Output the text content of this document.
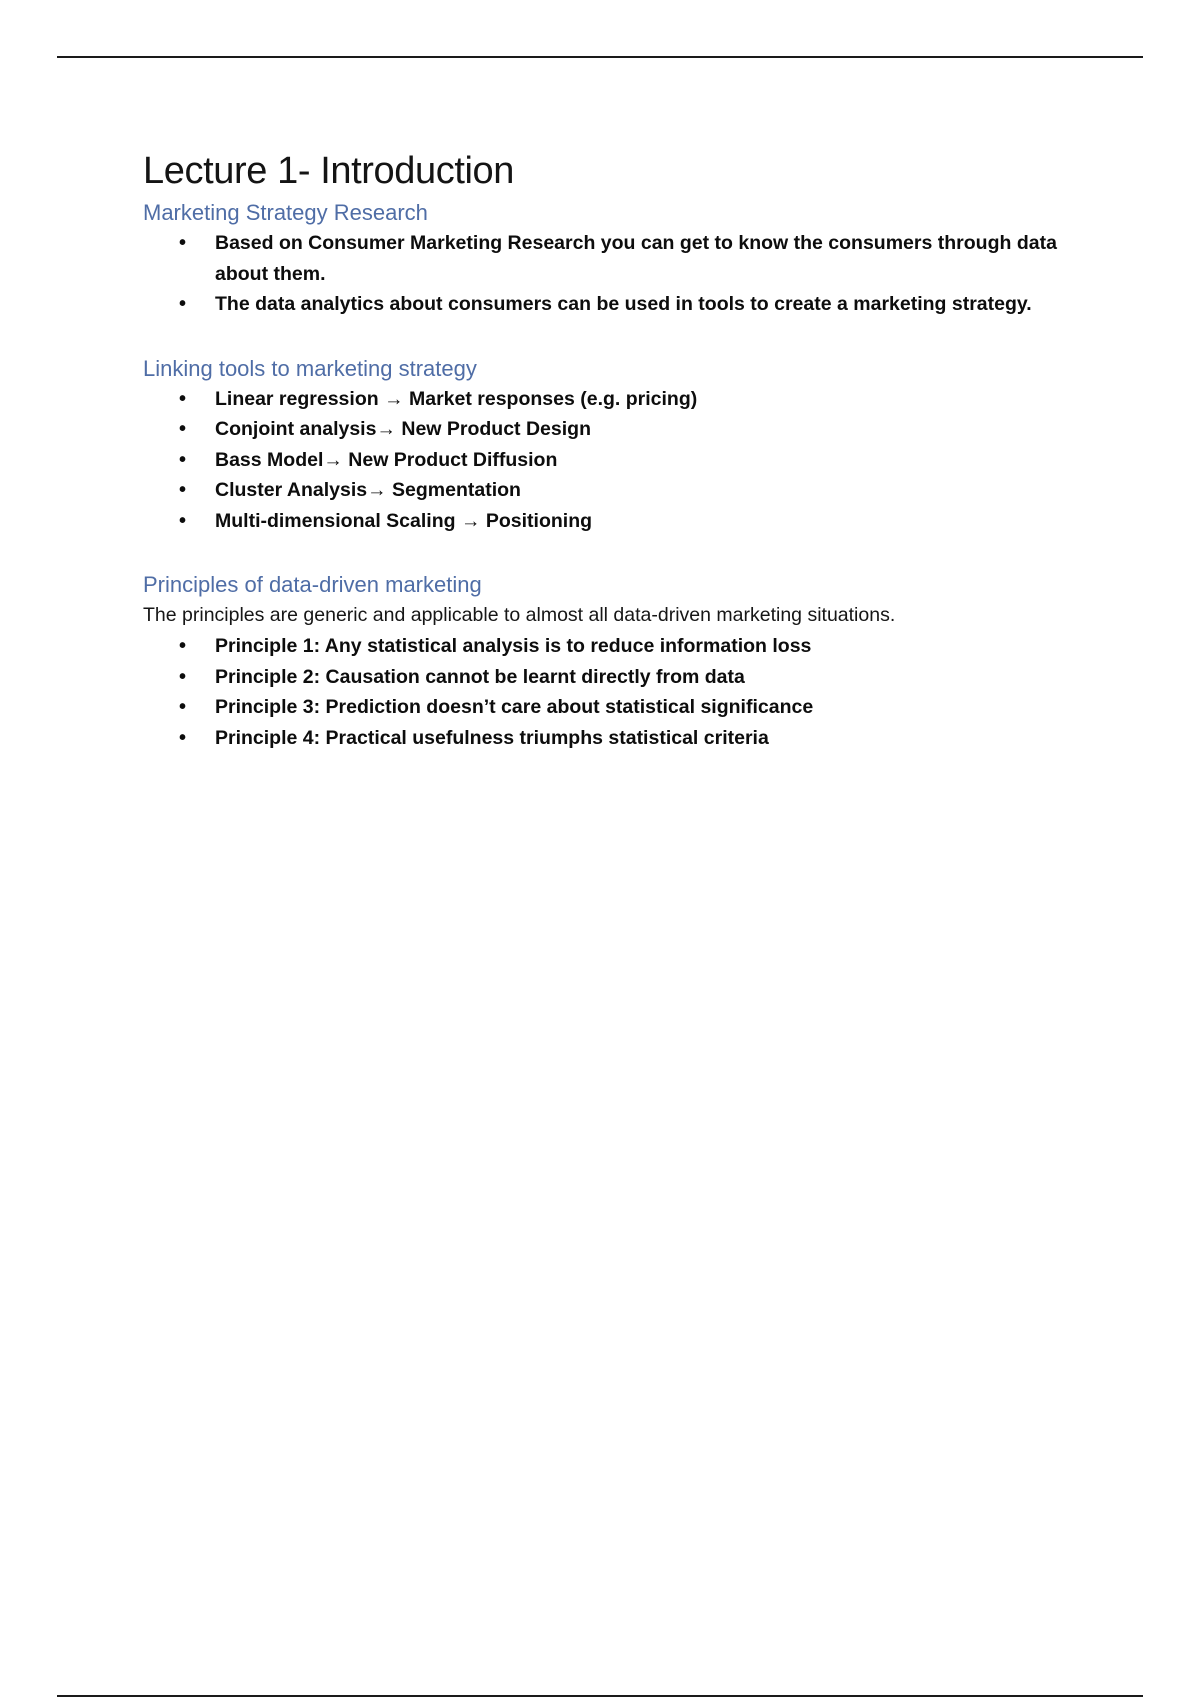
Lecture 1- Introduction
Marketing Strategy Research
• Based on Consumer Marketing Research you can get to know the consumers through data about them.
• The data analytics about consumers can be used in tools to create a marketing strategy.
Linking tools to marketing strategy
• Linear regression → Market responses (e.g. pricing)
• Conjoint analysis→ New Product Design
• Bass Model→ New Product Diffusion
• Cluster Analysis→ Segmentation
• Multi-dimensional Scaling → Positioning
Principles of data-driven marketing

The principles are generic and applicable to almost all data-driven marketing situations.

• Principle 1: Any statistical analysis is to reduce information loss
• Principle 2: Causation cannot be learnt directly from data
• Principle 3: Prediction doesn’t care about statistical significance
• Principle 4: Practical usefulness triumphs statistical criteria
